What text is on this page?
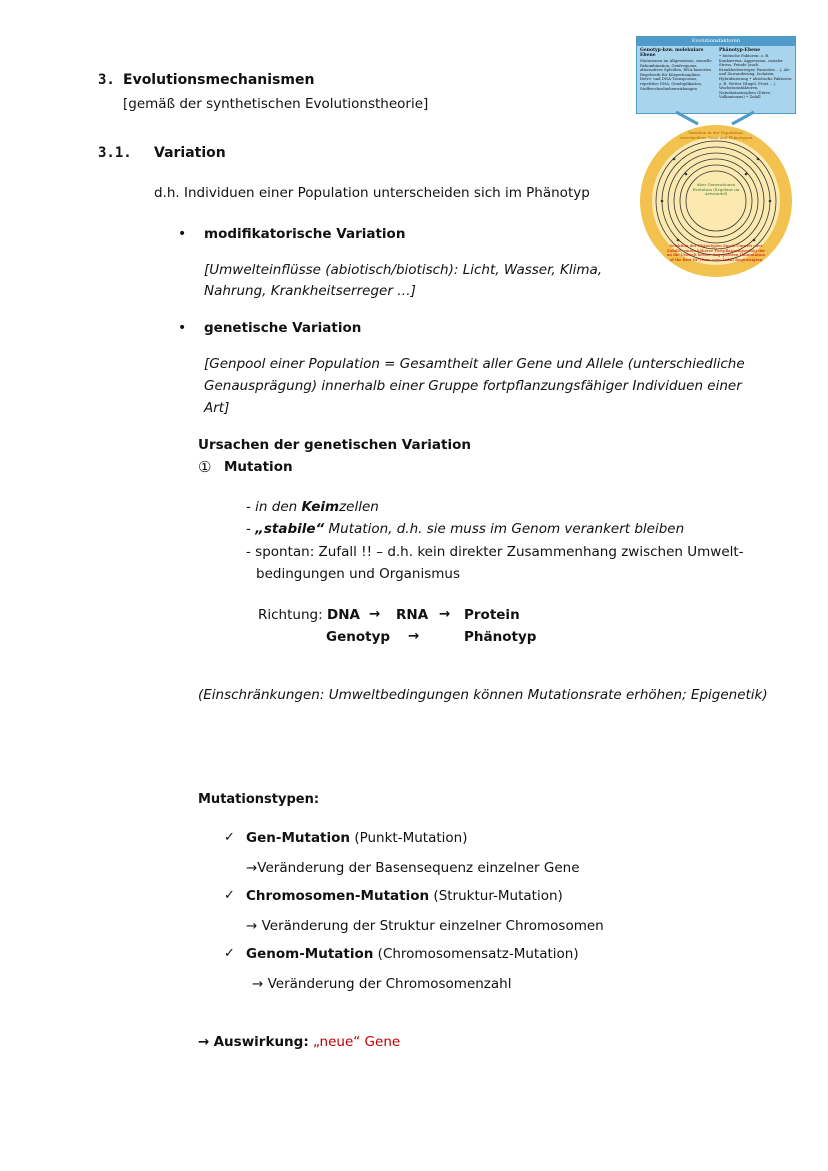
3. Evolutionsmechanismen
[gemäß der synthetischen Evolutionstheorie]
3.1. Variation
d.h. Individuen einer Population unterscheiden sich im Phänotyp
• modifikatorische Variation
[Umwelteinflüsse (abiotisch/biotisch): Licht, Wasser, Klima,
Nahrung, Krankheitserreger …]
• genetische Variation
[Genpool einer Population = Gesamtheit aller Gene und Allele (unterschiedliche
Genausprägung) innerhalb einer Gruppe fortpflanzungsfähiger Individuen einer
Art]
Ursachen der genetischen Variation
① Mutation
- in den Keimzellen
- „stabile“ Mutation, d.h. sie muss im Genom verankert bleiben
- spontan: Zufall !! – d.h. kein direkter Zusammenhang zwischen Umwelt-
bedingungen und Organismus
Richtung: DNA → RNA → Protein
Genotyp →	Phänotyp
(Einschränkungen: Umweltbedingungen können Mutationsrate erhöhen; Epigenetik)
Mutationstypen:
✓ Gen-Mutation (Punkt-Mutation)
→Veränderung der Basensequenz einzelner Gene
✓ Chromosomen-Mutation (Struktur-Mutation)
→ Veränderung der Struktur einzelner Chromosomen
✓ Genom-Mutation (Chromosomensatz-Mutation)
→ Veränderung der Chromosomenzahl
→ Auswirkung: „neue“ Gene
Evolutionsfaktoren
Genotyp-bzw. molekulare Ebene
Mutationen im Allgemeinen, sexuelle Rekombination, Genfrequenz, alternatives Spleißen, RNA-basiertes Regelwerk für Körperbaupläne, Retro- und DNA-Transposons, repetitive DNA, Genduplikation, Stoffwechselnebenwirkungen
Phänotyp-Ebene
• biotische Faktoren: z. B. Konkurrenz, Aggression, sozialer Stress, Feinde (auch Krankheitserreger, Parasiten …), Ab- und Zuwanderung, Isolation, Hybridisierung • abiotische Faktoren: z. B. Wetter (Hagel, Frost …), Wachstumsfaktoren, Naturkatastrophen (Dürre, Vulkanismus) • Zufall
Variation in der Population: verschiedene Gene und Phänotypen
über Generationen Evolution (Ergebnis im Artwandel)
Selektion der Phänotypen durch Umwelt oder Zufalls; einem höherer Fortpflanzungserfolg der an die Umwelt besser Angepassten (Allmutation of the Best fit*) bzw. vom Zufall Begünstigten
